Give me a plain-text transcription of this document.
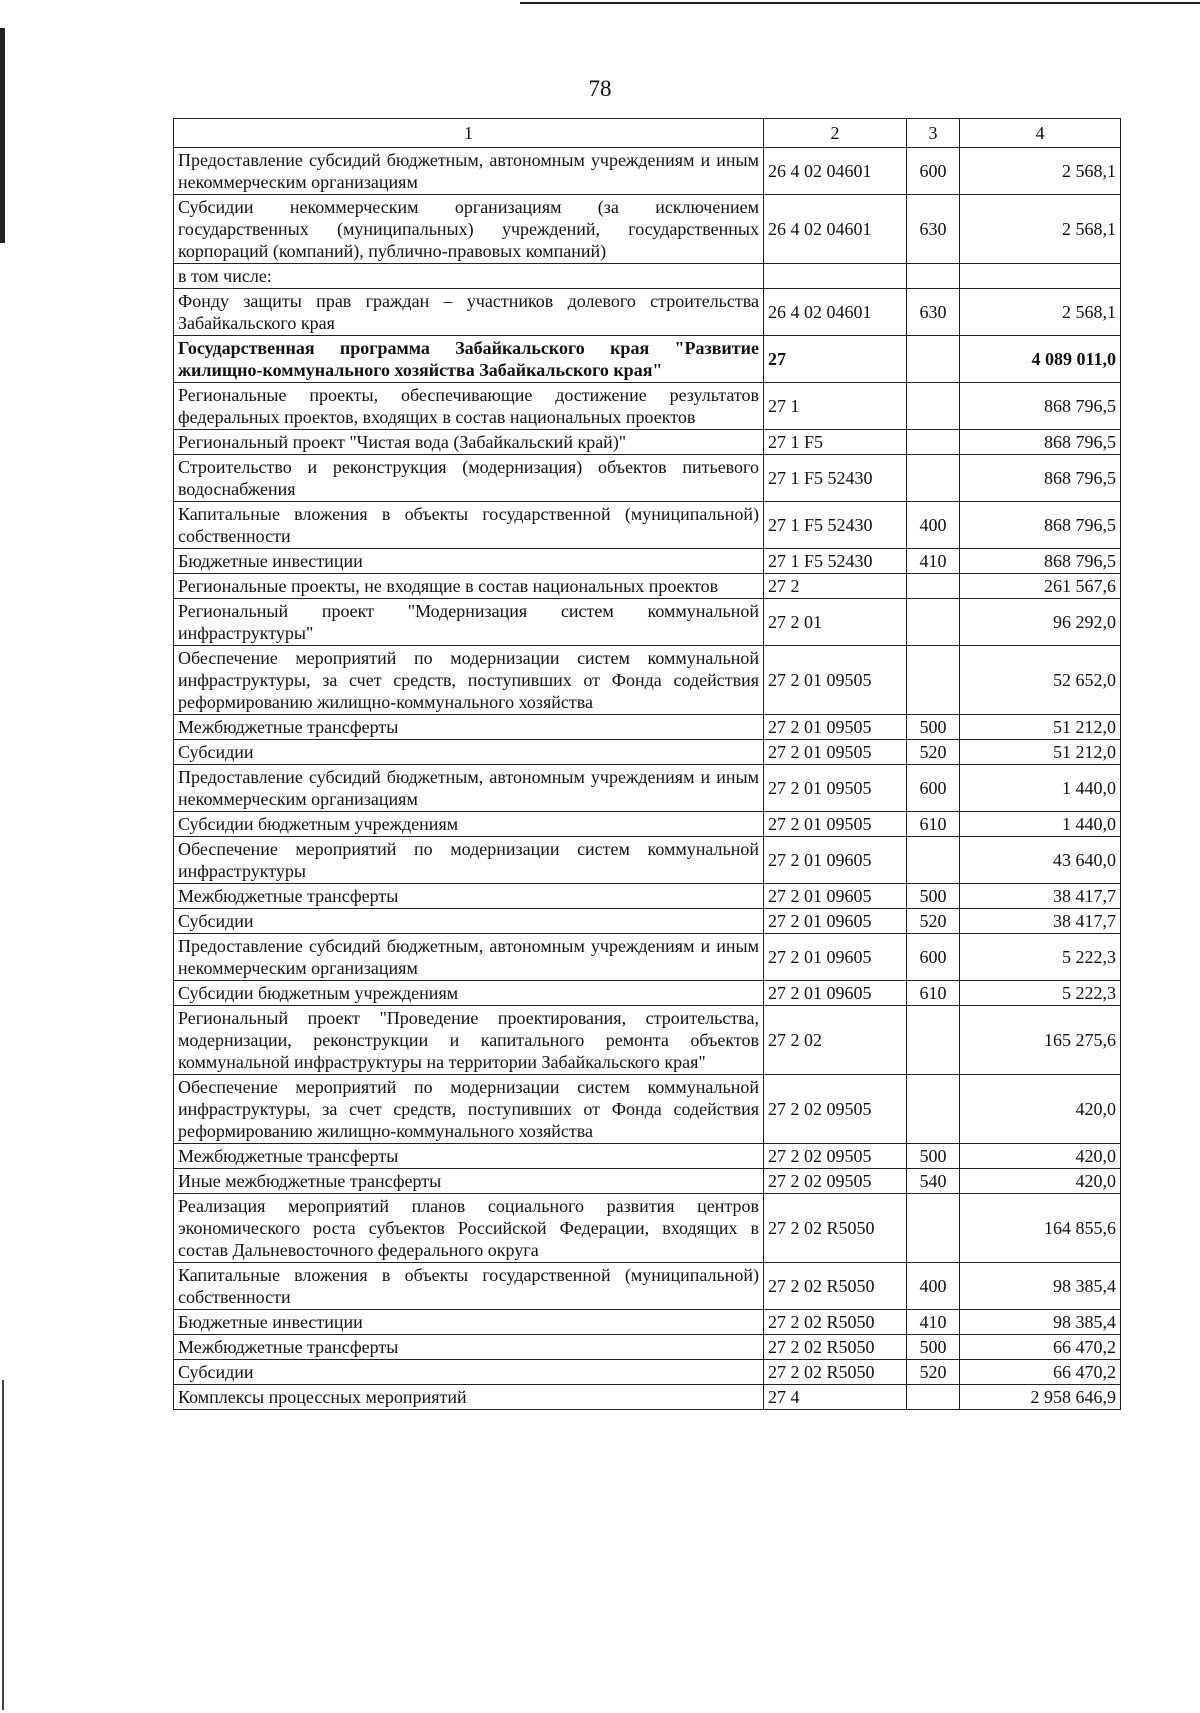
78
1	2	3	4
Предоставление субсидий бюджетным, автономным учреждениям и иным некоммерческим организациям	26 4 02 04601	600	2 568,1
Субсидии некоммерческим организациям (за исключением государственных (муниципальных) учреждений, государственных корпораций (компаний), публично-правовых компаний)	26 4 02 04601	630	2 568,1
в том числе:			
Фонду защиты прав граждан – участников долевого строительства Забайкальского края	26 4 02 04601	630	2 568,1
Государственная программа Забайкальского края "Развитие жилищно-коммунального хозяйства Забайкальского края"	27		4 089 011,0
Региональные проекты, обеспечивающие достижение результатов федеральных проектов, входящих в состав национальных проектов	27 1		868 796,5
Региональный проект "Чистая вода (Забайкальский край)"	27 1 F5		868 796,5
Строительство и реконструкция (модернизация) объектов питьевого водоснабжения	27 1 F5 52430		868 796,5
Капитальные вложения в объекты государственной (муниципальной) собственности	27 1 F5 52430	400	868 796,5
Бюджетные инвестиции	27 1 F5 52430	410	868 796,5
Региональные проекты, не входящие в состав национальных проектов	27 2		261 567,6
Региональный проект "Модернизация систем коммунальной инфраструктуры"	27 2 01		96 292,0
Обеспечение мероприятий по модернизации систем коммунальной инфраструктуры, за счет средств, поступивших от Фонда содействия реформированию жилищно-коммунального хозяйства	27 2 01 09505		52 652,0
Межбюджетные трансферты	27 2 01 09505	500	51 212,0
Субсидии	27 2 01 09505	520	51 212,0
Предоставление субсидий бюджетным, автономным учреждениям и иным некоммерческим организациям	27 2 01 09505	600	1 440,0
Субсидии бюджетным учреждениям	27 2 01 09505	610	1 440,0
Обеспечение мероприятий по модернизации систем коммунальной инфраструктуры	27 2 01 09605		43 640,0
Межбюджетные трансферты	27 2 01 09605	500	38 417,7
Субсидии	27 2 01 09605	520	38 417,7
Предоставление субсидий бюджетным, автономным учреждениям и иным некоммерческим организациям	27 2 01 09605	600	5 222,3
Субсидии бюджетным учреждениям	27 2 01 09605	610	5 222,3
Региональный проект "Проведение проектирования, строительства, модернизации, реконструкции и капитального ремонта объектов коммунальной инфраструктуры на территории Забайкальского края"	27 2 02		165 275,6
Обеспечение мероприятий по модернизации систем коммунальной инфраструктуры, за счет средств, поступивших от Фонда содействия реформированию жилищно-коммунального хозяйства	27 2 02 09505		420,0
Межбюджетные трансферты	27 2 02 09505	500	420,0
Иные межбюджетные трансферты	27 2 02 09505	540	420,0
Реализация мероприятий планов социального развития центров экономического роста субъектов Российской Федерации, входящих в состав Дальневосточного федерального округа	27 2 02 R5050		164 855,6
Капитальные вложения в объекты государственной (муниципальной) собственности	27 2 02 R5050	400	98 385,4
Бюджетные инвестиции	27 2 02 R5050	410	98 385,4
Межбюджетные трансферты	27 2 02 R5050	500	66 470,2
Субсидии	27 2 02 R5050	520	66 470,2
Комплексы процессных мероприятий	27 4		2 958 646,9
